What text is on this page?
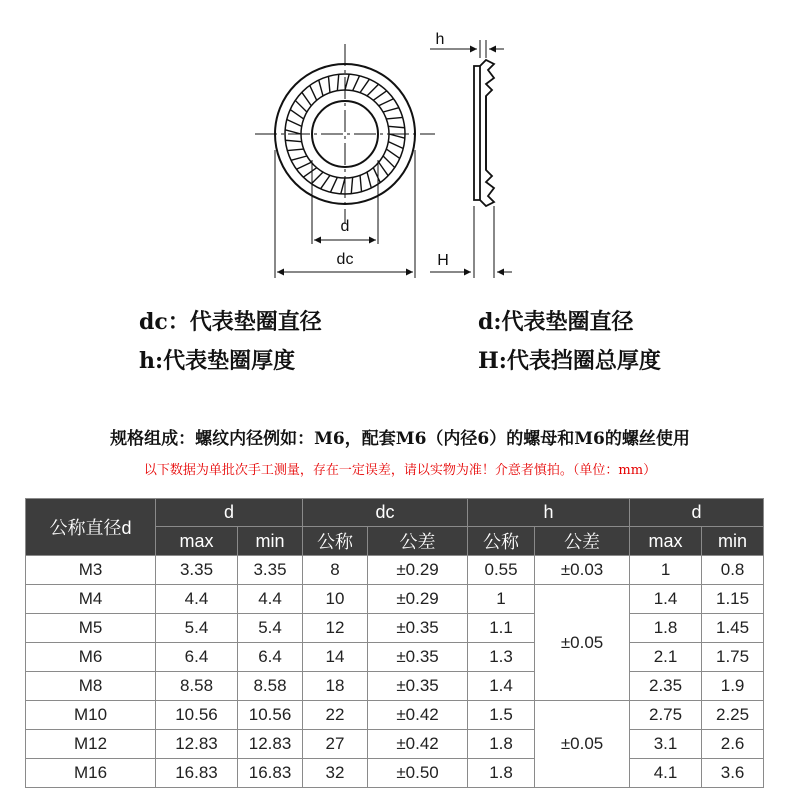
d
dc
h
H
dc：代表垫圈直径	d:代表垫圈直径
h:代表垫圈厚度	H:代表挡圈总厚度
规格组成：螺纹内径例如：M6，配套M6（内径6）的螺母和M6的螺丝使用
以下数据为单批次手工测量，存在一定误差，请以实物为准！介意者慎拍。（单位：mm）
公称直径d	d		dc		h		d	
	max	min	公称	公差	公称	公差	max	min
M3	3.35	3.35	8	±0.29	0.55	±0.03	1	0.8
M4	4.4	4.4	10	±0.29	1	±0.05	1.4	1.15
M5	5.4	5.4	12	±0.35	1.1		1.8	1.45
M6	6.4	6.4	14	±0.35	1.3		2.1	1.75
M8	8.58	8.58	18	±0.35	1.4		2.35	1.9
M10	10.56	10.56	22	±0.42	1.5	±0.05	2.75	2.25
M12	12.83	12.83	27	±0.42	1.8		3.1	2.6
M16	16.83	16.83	32	±0.50	1.8		4.1	3.6
